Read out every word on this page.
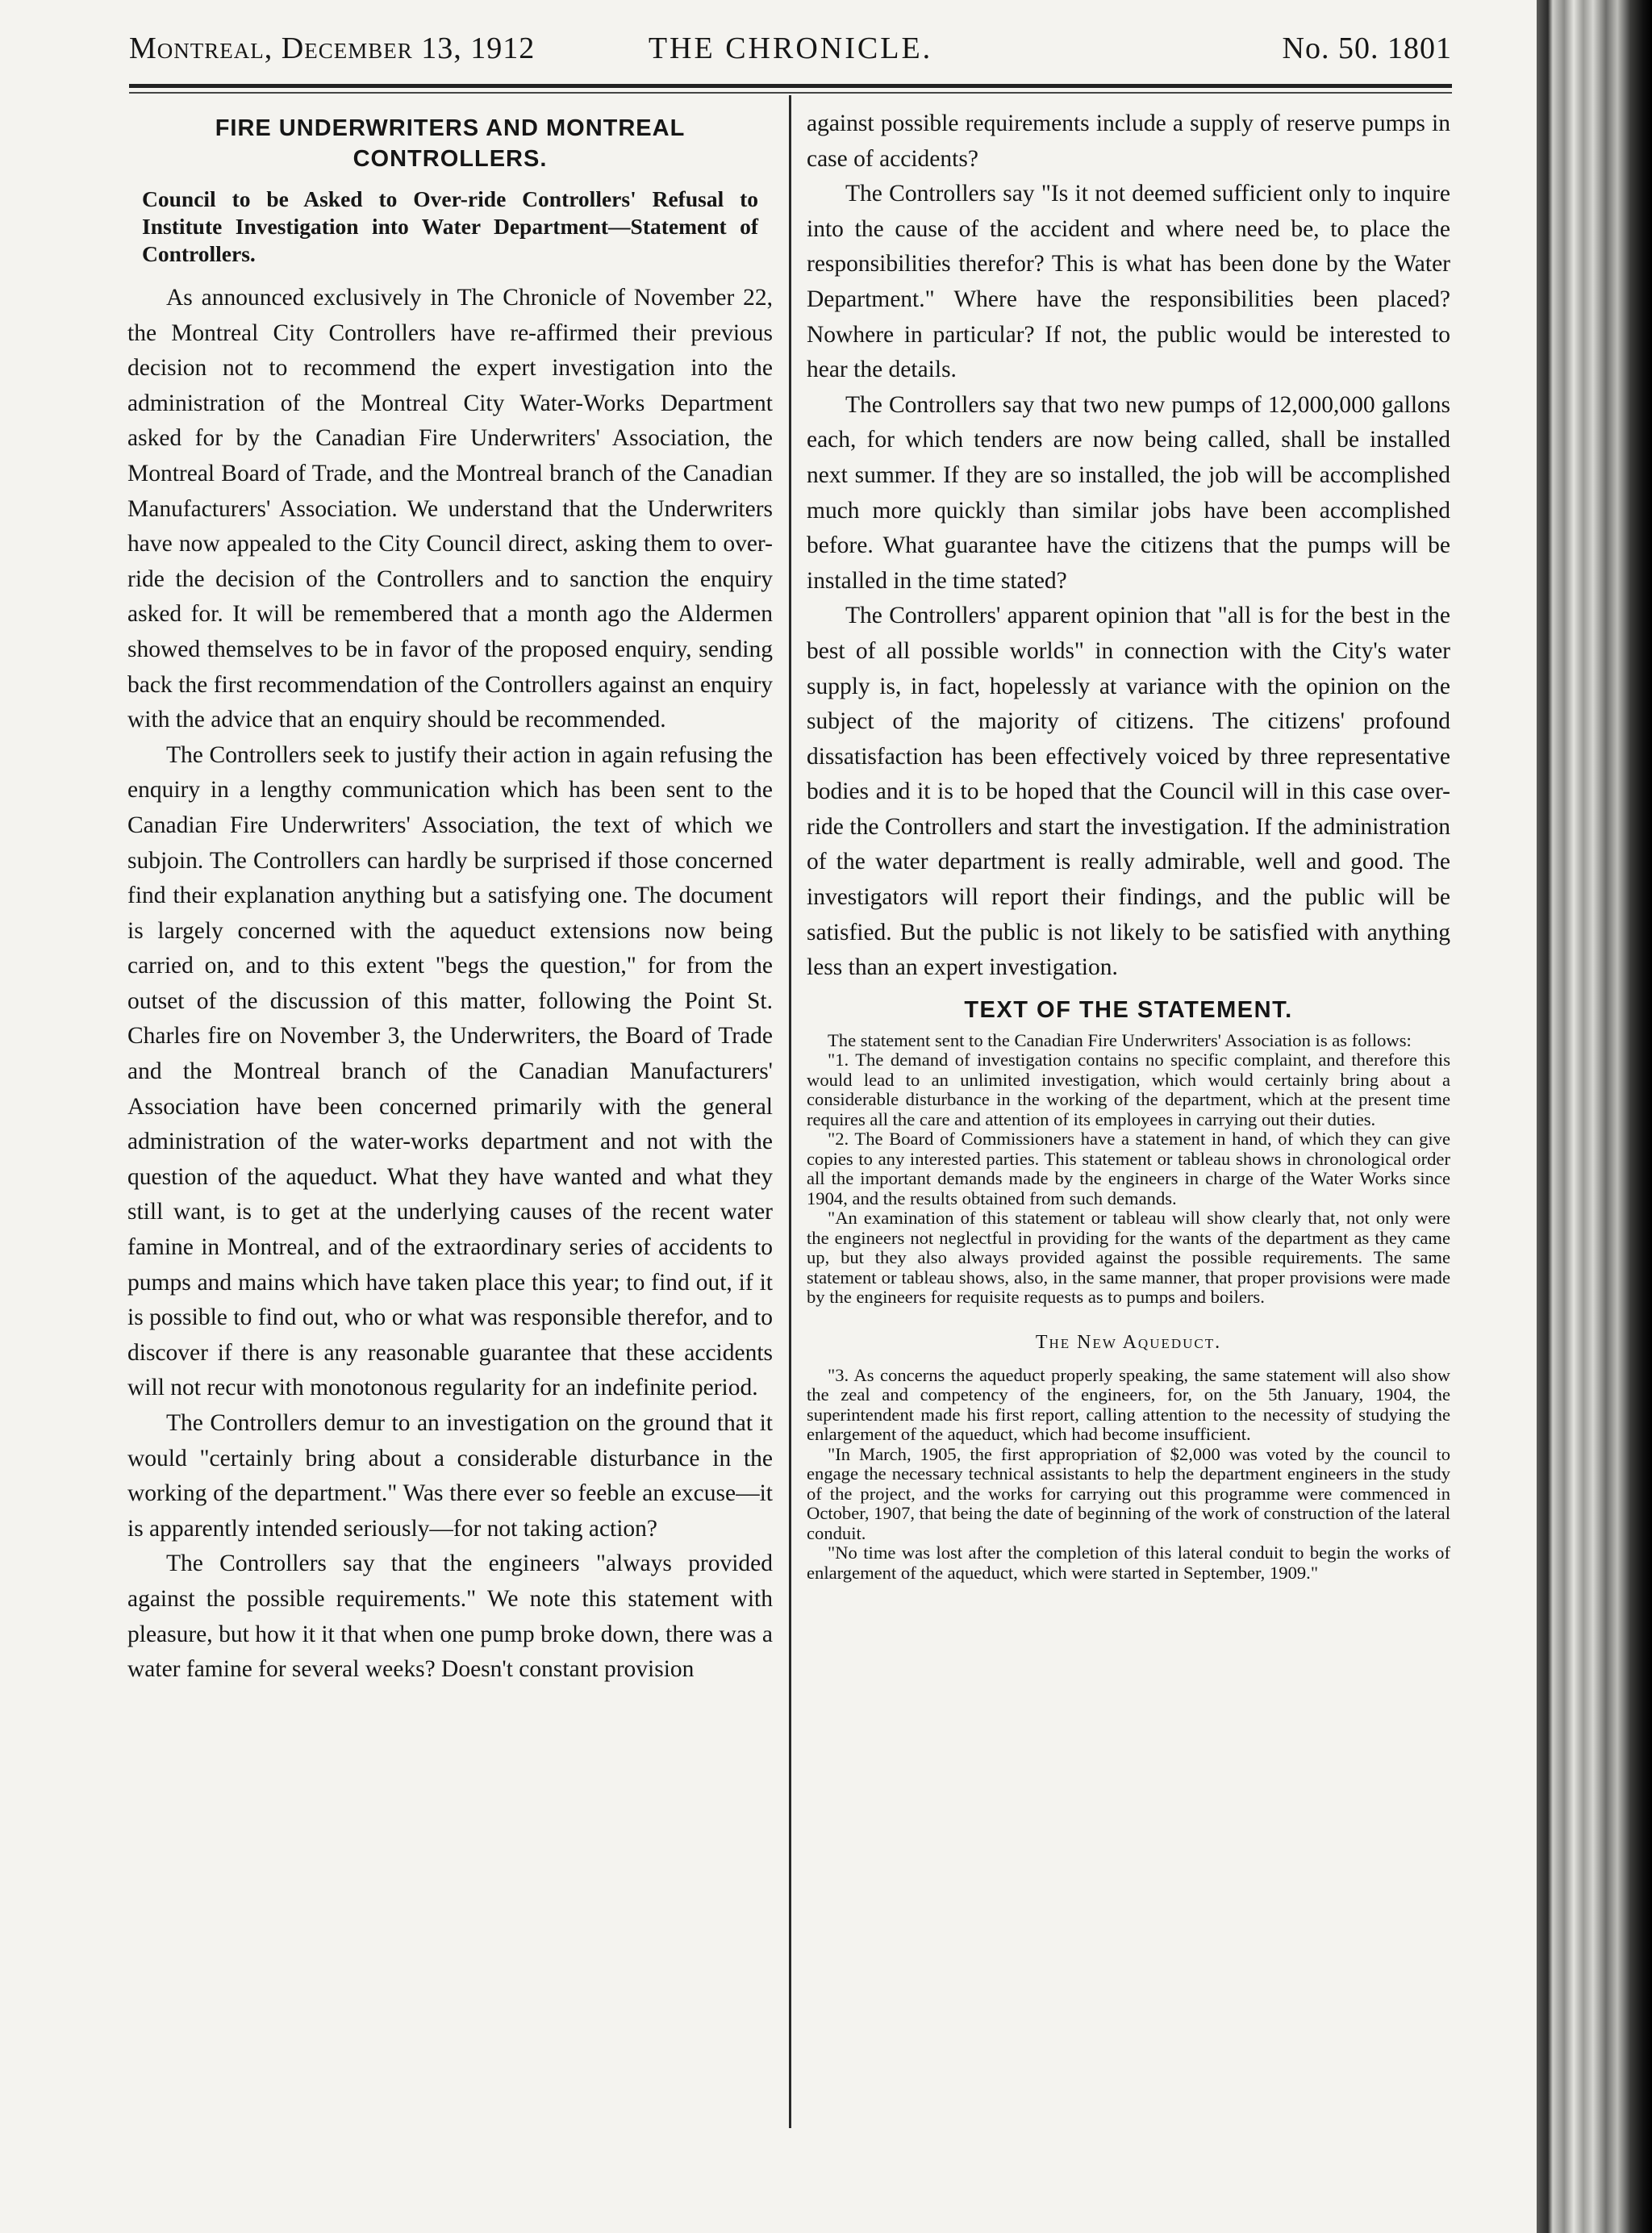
Montreal, December 13, 1912	THE CHRONICLE.	No. 50. 1801
FIRE UNDERWRITERS AND MONTREAL CONTROLLERS.
Council to be Asked to Over-ride Controllers' Refusal to Institute Investigation into Water Department—Statement of Controllers.

As announced exclusively in The Chronicle of November 22, the Montreal City Controllers have re-affirmed their previous decision not to recommend the expert investigation into the administration of the Montreal City Water-Works Department asked for by the Canadian Fire Underwriters' Association, the Montreal Board of Trade, and the Montreal branch of the Canadian Manufacturers' Association. We understand that the Underwriters have now appealed to the City Council direct, asking them to over-ride the decision of the Controllers and to sanction the enquiry asked for. It will be remembered that a month ago the Aldermen showed themselves to be in favor of the proposed enquiry, sending back the first recommendation of the Controllers against an enquiry with the advice that an enquiry should be recommended.

The Controllers seek to justify their action in again refusing the enquiry in a lengthy communication which has been sent to the Canadian Fire Underwriters' Association, the text of which we subjoin. The Controllers can hardly be surprised if those concerned find their explanation anything but a satisfying one. The document is largely concerned with the aqueduct extensions now being carried on, and to this extent "begs the question," for from the outset of the discussion of this matter, following the Point St. Charles fire on November 3, the Underwriters, the Board of Trade and the Montreal branch of the Canadian Manufacturers' Association have been concerned primarily with the general administration of the water-works department and not with the question of the aqueduct. What they have wanted and what they still want, is to get at the underlying causes of the recent water famine in Montreal, and of the extraordinary series of accidents to pumps and mains which have taken place this year; to find out, if it is possible to find out, who or what was responsible therefor, and to discover if there is any reasonable guarantee that these accidents will not recur with monotonous regularity for an indefinite period.

The Controllers demur to an investigation on the ground that it would "certainly bring about a considerable disturbance in the working of the department." Was there ever so feeble an excuse—it is apparently intended seriously—for not taking action?

The Controllers say that the engineers "always provided against the possible requirements." We note this statement with pleasure, but how it it that when one pump broke down, there was a water famine for several weeks? Doesn't constant provision

against possible requirements include a supply of reserve pumps in case of accidents?

The Controllers say "Is it not deemed sufficient only to inquire into the cause of the accident and where need be, to place the responsibilities therefor? This is what has been done by the Water Department." Where have the responsibilities been placed? Nowhere in particular? If not, the public would be interested to hear the details.

The Controllers say that two new pumps of 12,000,000 gallons each, for which tenders are now being called, shall be installed next summer. If they are so installed, the job will be accomplished much more quickly than similar jobs have been accomplished before. What guarantee have the citizens that the pumps will be installed in the time stated?

The Controllers' apparent opinion that "all is for the best in the best of all possible worlds" in connection with the City's water supply is, in fact, hopelessly at variance with the opinion on the subject of the majority of citizens. The citizens' profound dissatisfaction has been effectively voiced by three representative bodies and it is to be hoped that the Council will in this case over-ride the Controllers and start the investigation. If the administration of the water department is really admirable, well and good. The investigators will report their findings, and the public will be satisfied. But the public is not likely to be satisfied with anything less than an expert investigation.

TEXT OF THE STATEMENT.

The statement sent to the Canadian Fire Underwriters' Association is as follows:

"1. The demand of investigation contains no specific complaint, and therefore this would lead to an unlimited investigation, which would certainly bring about a considerable disturbance in the working of the department, which at the present time requires all the care and attention of its employees in carrying out their duties.

"2. The Board of Commissioners have a statement in hand, of which they can give copies to any interested parties. This statement or tableau shows in chronological order all the important demands made by the engineers in charge of the Water Works since 1904, and the results obtained from such demands.

"An examination of this statement or tableau will show clearly that, not only were the engineers not neglectful in providing for the wants of the department as they came up, but they also always provided against the possible requirements. The same statement or tableau shows, also, in the same manner, that proper provisions were made by the engineers for requisite requests as to pumps and boilers.

The New Aqueduct.

"3. As concerns the aqueduct properly speaking, the same statement will also show the zeal and competency of the engineers, for, on the 5th January, 1904, the superintendent made his first report, calling attention to the necessity of studying the enlargement of the aqueduct, which had become insufficient.

"In March, 1905, the first appropriation of $2,000 was voted by the council to engage the necessary technical assistants to help the department engineers in the study of the project, and the works for carrying out this programme were commenced in October, 1907, that being the date of beginning of the work of construction of the lateral conduit.

"No time was lost after the completion of this lateral conduit to begin the works of enlargement of the aqueduct, which were started in September, 1909."
